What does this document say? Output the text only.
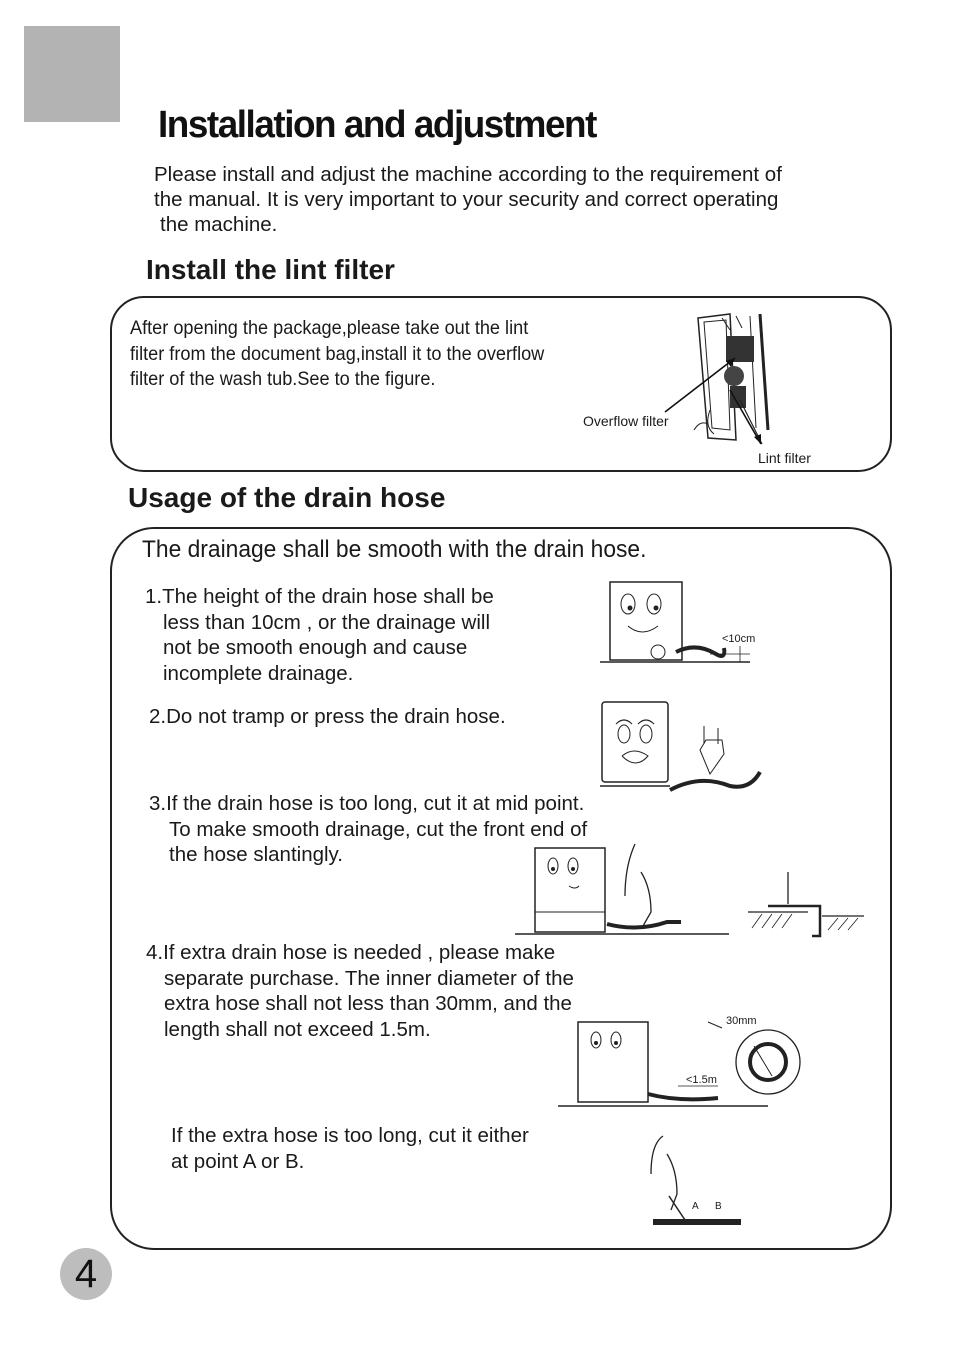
Installation and adjustment
Please install and adjust the machine according to the requirement of
the manual. It is very important to your security and correct operating
the machine.
Install the lint filter
After opening the package,please take out the lint
filter from the document bag,install it to the overflow
filter of the wash tub.See to the figure.
Overflow filter
Lint filter
Usage of the drain hose
The drainage shall be smooth with the drain hose.
1.The height of the drain hose shall be
less than 10cm , or the drainage will
not be smooth enough and cause
incomplete drainage.
<10cm
2.Do not tramp or press the drain hose.
3.If the drain hose is too long, cut it at mid point.
To make smooth drainage, cut the front end of
the hose slantingly.
4.If extra drain hose is needed , please make
separate purchase. The inner diameter of the
extra hose shall not less than 30mm, and the
length shall not exceed 1.5m.	30mm
<1.5m
If the extra hose is too long, cut it either
at point A or B.
A B
4
